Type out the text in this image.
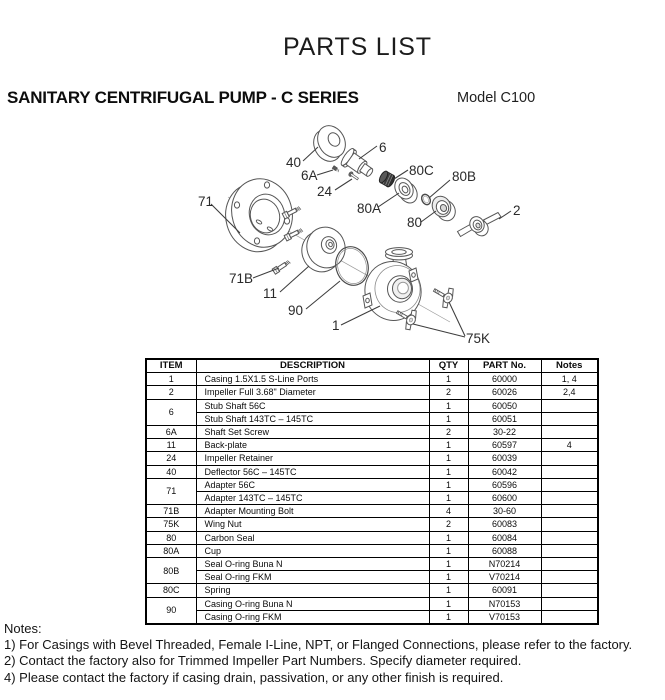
40
6
6A
24
80C 80B
80A
80
2
71
71B
11
90
1
75K
PARTS LIST
SANITARY CENTRIFUGAL PUMP - C SERIES	Model C100
ITEM	DESCRIPTION	QTY	PART No.	Notes
1	Casing 1.5X1.5 S-Line Ports	1	60000	1, 4
2	Impeller Full 3.68" Diameter	2	60026	2,4
6	Stub Shaft 56C	1	60050	
	Stub Shaft 143TC – 145TC	1	60051	
6A	Shaft Set Screw	2	30-22	
11	Back-plate	1	60597	4
24	Impeller Retainer	1	60039	
40	Deflector 56C – 145TC	1	60042	
71	Adapter 56C	1	60596	
	Adapter 143TC – 145TC	1	60600	
71B	Adapter Mounting Bolt	4	30-60	
75K	Wing Nut	2	60083	
80	Carbon Seal	1	60084	
80A	Cup	1	60088	
80B	Seal O-ring Buna N	1	N70214	
	Seal O-ring FKM	1	V70214	
80C	Spring	1	60091	
90	Casing O-ring Buna N	1	N70153	
	Casing O-ring FKM	1	V70153	
Notes:
1) For Casings with Bevel Threaded, Female I-Line, NPT, or Flanged Connections, please refer to the factory.
2) Contact the factory also for Trimmed Impeller Part Numbers. Specify diameter required.
4) Please contact the factory if casing drain, passivation, or any other finish is required.
